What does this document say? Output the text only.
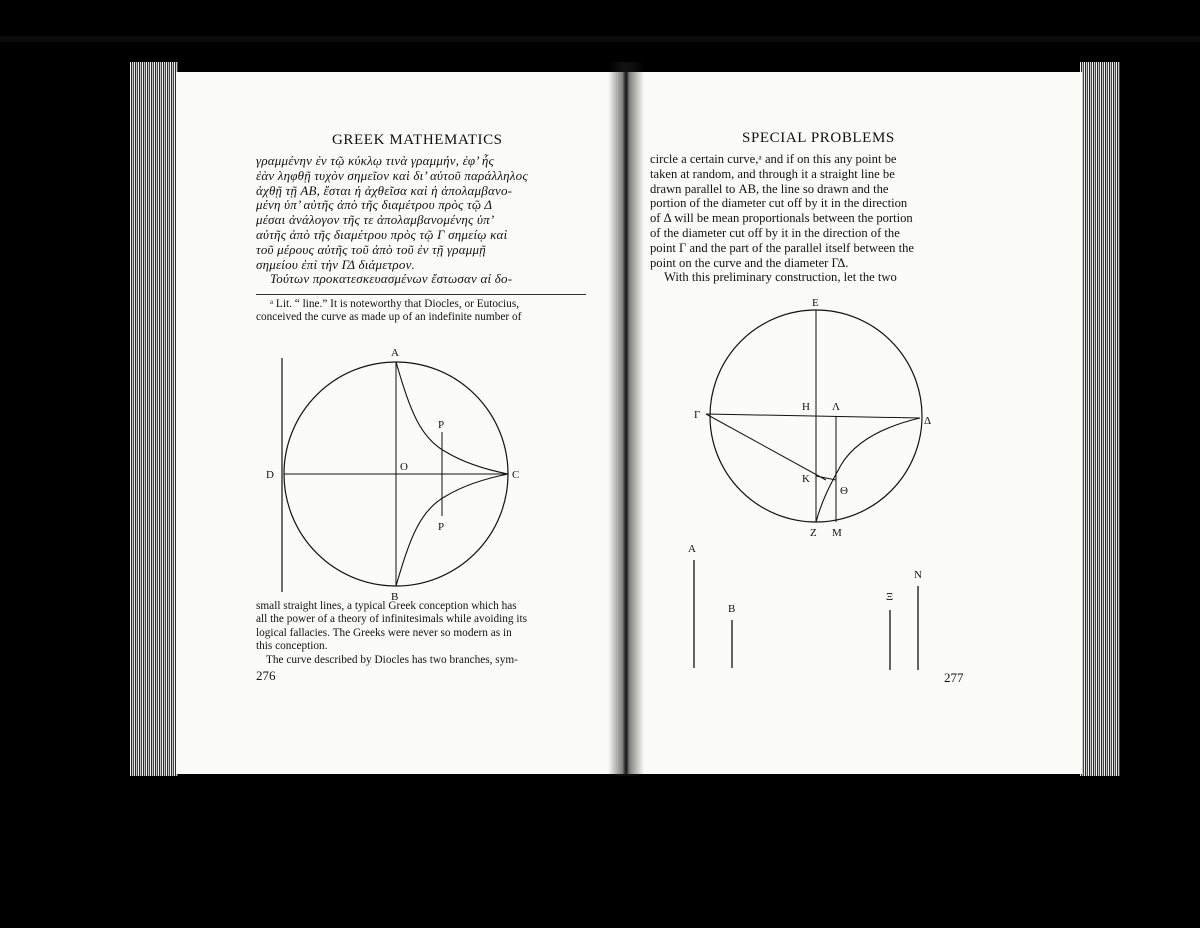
GREEK MATHEMATICS
γραμμένην ἐν τῷ κύκλῳ τινὰ γραμμήν, ἐφ’ ἧς
ἐὰν ληφθῇ τυχὸν σημεῖον καὶ δι’ αὐτοῦ παράλληλος
ἀχθῇ τῇ ΑΒ, ἔσται ἡ ἀχθεῖσα καὶ ἡ ἀπολαμβανο-
μένη ὑπ’ αὐτῆς ἀπὸ τῆς διαμέτρου πρὸς τῷ Δ
μέσαι ἀνάλογον τῆς τε ἀπολαμβανομένης ὑπ’
αὐτῆς ἀπὸ τῆς διαμέτρου πρὸς τῷ Γ σημείῳ καὶ
τοῦ μέρους αὐτῆς τοῦ ἀπὸ τοῦ ἐν τῇ γραμμῇ
σημείου ἐπὶ τὴν ΓΔ διάμετρον.
Τούτων προκατεσκευασμένων ἔστωσαν αἱ δο-
ᵃ Lit. “ line.” It is noteworthy that Diocles, or Eutocius,
conceived the curve as made up of an indefinite number of
A
B
C
D
O
P
P
small straight lines, a typical Greek conception which has
all the power of a theory of infinitesimals while avoiding its
logical fallacies. The Greeks were never so modern as in
this conception.
The curve described by Diocles has two branches, sym-
276
SPECIAL PROBLEMS
circle a certain curve,ᵃ and if on this any point be
taken at random, and through it a straight line be
drawn parallel to ΑΒ, the line so drawn and the
portion of the diameter cut off by it in the direction
of Δ will be mean proportionals between the portion
of the diameter cut off by it in the direction of the
point Γ and the part of the parallel itself between the
point on the curve and the diameter ΓΔ.
With this preliminary construction, let the two
E
Γ	Δ
H Λ
K
Θ
Z M
A
B
Ξ
N
277
